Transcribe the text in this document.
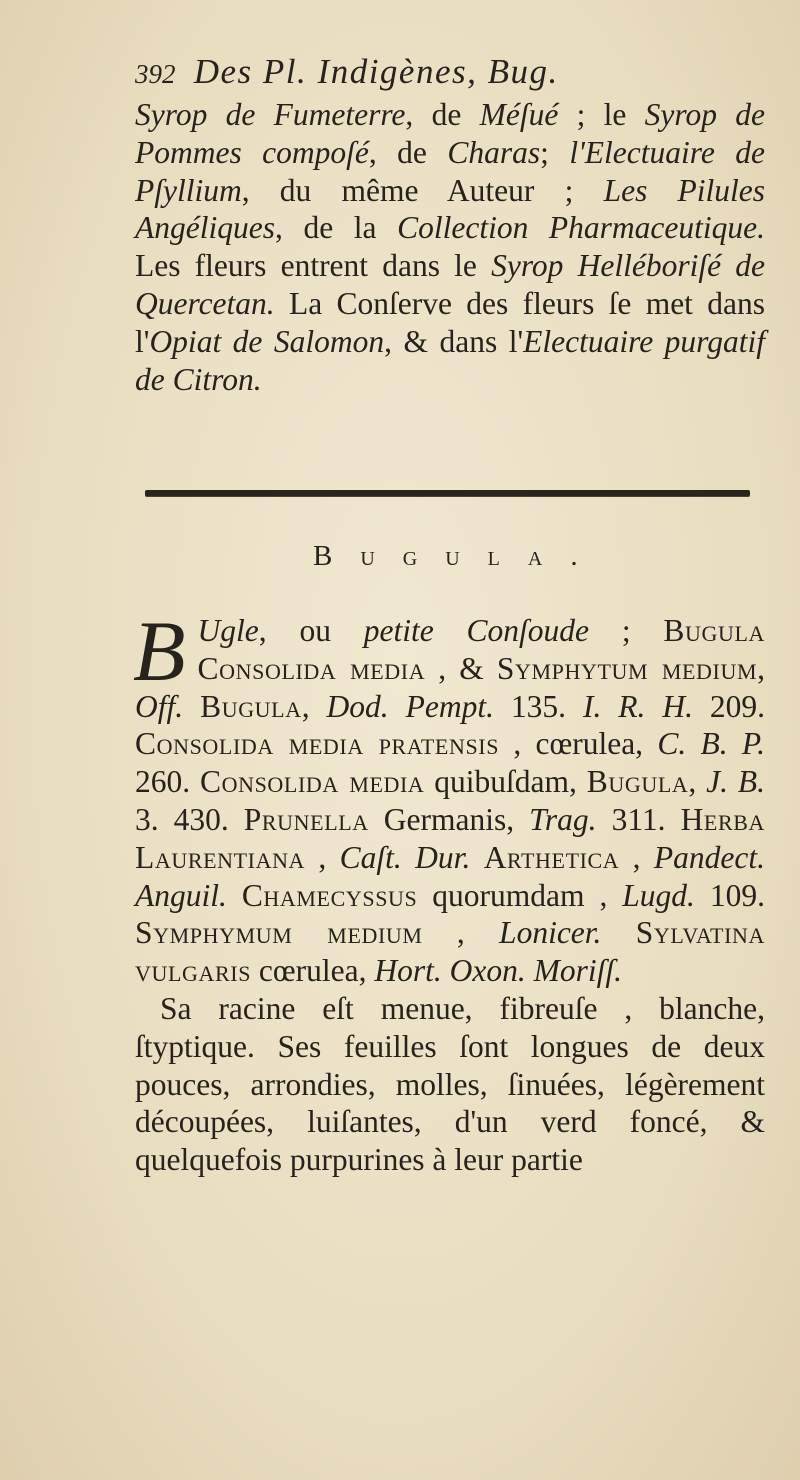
392 Des Pl. Indigènes, Bug.

Syrop de Fumeterre, de Méſué ; le Syrop de Pommes compoſé, de Charas; l'Electuaire de Pſyllium, du même Auteur ; Les Pilules Angéliques, de la Collection Pharmaceutique. Les fleurs entrent dans le Syrop Helléboriſé de Quercetan. La Conſerve des fleurs ſe met dans l'Opiat de Salomon, & dans l'Electuaire purgatif de Citron.

Bugula.

B Ugle, ou petite Conſoude ; Bugula Consolida media , & Symphytum medium, Off. Bugula, Dod. Pempt. 135. I. R. H. 209. Consolida media pratensis , cœrulea, C. B. P. 260. Consolida media quibuſdam, Bugula, J. B. 3. 430. Prunella Germanis, Trag. 311. Herba Laurentiana , Caſt. Dur. Arthetica , Pandect. Anguil. Chamecyssus quorumdam , Lugd. 109. Symphymum medium , Lonicer. Sylvatina vulgaris cœrulea, Hort. Oxon. Moriſſ.

Sa racine eſt menue, fibreuſe , blanche, ſtyptique. Ses feuilles ſont longues de deux pouces, arrondies, molles, ſinuées, légèrement découpées, luiſantes, d'un verd foncé, & quelquefois purpurines à leur partie
